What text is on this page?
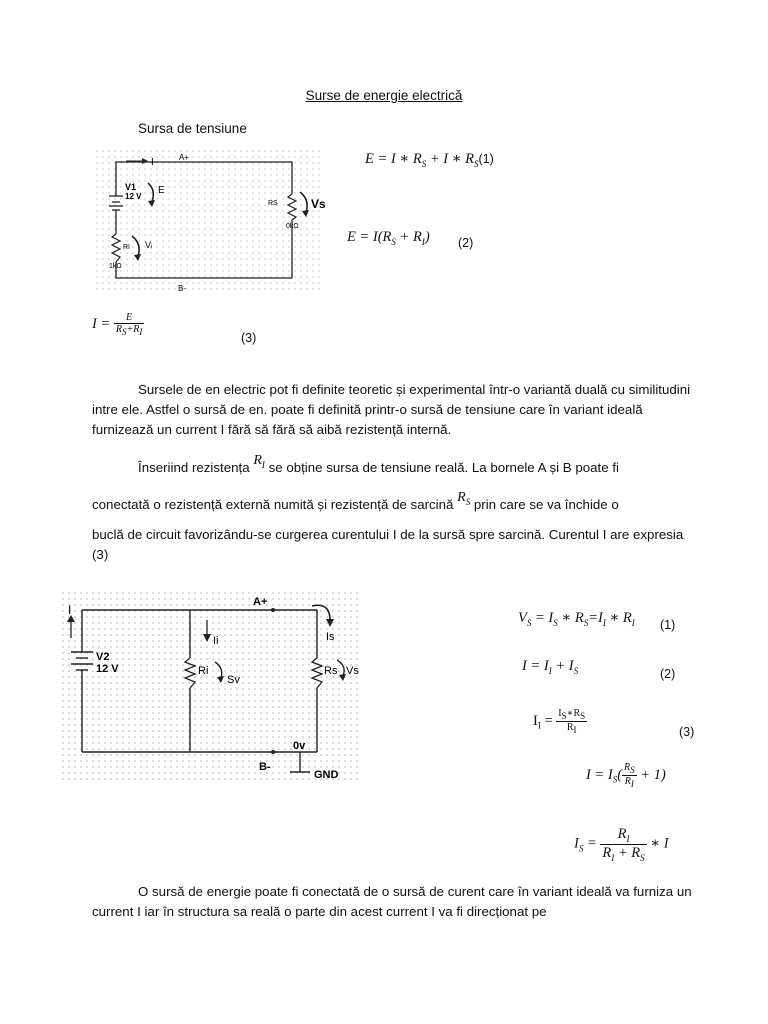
Surse de energie electrică
Sursa de tensiune
I	A+
B-
V1
12 V
E
RI
1kΩ
Vᵢ
RS
0kΩ
Vs
E = I ∗ $R_S + I$ ∗ $R_S(1)$
$E = I(R_S + R_I)$ (2)
$I = \frac{E}{R_S+R_I}$
(3)
Sursele de en electric pot fi definite teoretic și experimental într-o variantă duală cu similitudini intre ele. Astfel o sursă de en. poate fi definită printr-o sursă de tensiune care în variant ideală furnizează un current I fără să fără să aibă rezistență internă.
Înseriind rezistența $R_I$ se obține sursa de tensiune reală. La bornele A și B poate fi
conectată o rezistență externă numită și rezistență de sarcină $R_S$ prin care se va închide o
buclă de circuit favorizându-se curgerea curentului I de la sursă spre sarcină. Curentul I are expresia (3)
I
V2
12 V
Ii
Ri
Sv
A+
Is
Rs Vs
0v
B-
GND
$V_S = I_S$ ∗ $R_S=I_I$ ∗ $R_I$ (1)
$I = I_I + I_S$	(2)
$I_I = \frac{I_S∗R_S}{R_I}$	(3)
$I = I_S( \frac{R_S}{R_I} + 1)$
$I_S = \frac{R_I}{R_I + R_S}$ ∗ I
O sursă de energie poate fi conectată de o sursă de curent care în variant ideală va furniza un current I iar în structura sa reală o parte din acest current I va fi direcționat pe
